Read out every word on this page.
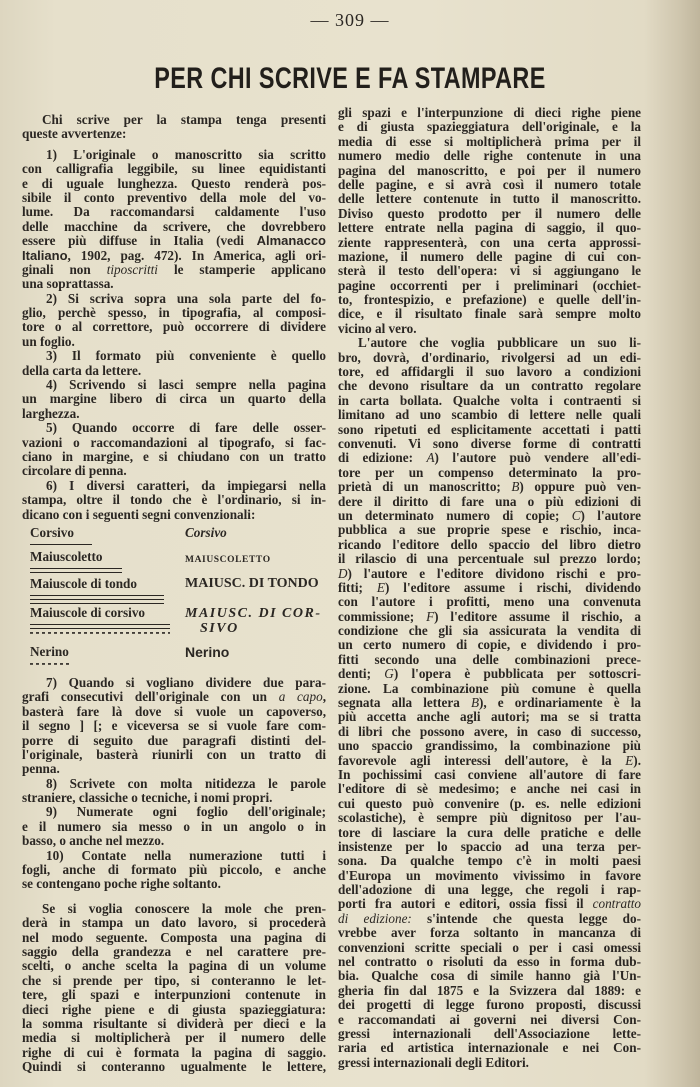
— 309 —
PER CHI SCRIVE E FA STAMPARE
Chi scrive per la stampa tenga presenti
queste avvertenze:
1) L'originale o manoscritto sia scritto
con calligrafia leggibile, su linee equidistanti
e di uguale lunghezza. Questo renderà pos-
sibile il conto preventivo della mole del vo-
lume. Da raccomandarsi caldamente l'uso
delle macchine da scrivere, che dovrebbero
essere più diffuse in Italia (vedi Almanacco
Italiano, 1902, pag. 472). In America, agli ori-
ginali non tiposcritti le stamperie applicano
una soprattassa.
2) Si scriva sopra una sola parte del fo-
glio, perchè spesso, in tipografia, al composi-
tore o al correttore, può occorrere di dividere
un foglio.
3) Il formato più conveniente è quello
della carta da lettere.
4) Scrivendo si lasci sempre nella pagina
un margine libero di circa un quarto della
larghezza.
5) Quando occorre di fare delle osser-
vazioni o raccomandazioni al tipografo, si fac-
ciano in margine, e si chiudano con un tratto
circolare di penna.
6) I diversi caratteri, da impiegarsi nella
stampa, oltre il tondo che è l'ordinario, si in-
dicano con i seguenti segni convenzionali:
Corsivo	Corsivo
Maiuscoletto	MAIUSCOLETTO
Maiuscole di tondo	MAIUSC. DI TONDO
Maiuscole di corsivo	MAIUSC. DI COR-
SIVO
Nerino	Nerino
7) Quando si vogliano dividere due para-
grafi consecutivi dell'originale con un a capo,
basterà fare là dove si vuole un capoverso,
il segno ] [; e viceversa se si vuole fare com-
porre di seguito due paragrafi distinti del-
l'originale, basterà riunirli con un tratto di
penna.
8) Scrivete con molta nitidezza le parole
straniere, classiche o tecniche, i nomi propri.
9) Numerate ogni foglio dell'originale;
e il numero sia messo o in un angolo o in
basso, o anche nel mezzo.
10) Contate nella numerazione tutti i
fogli, anche di formato più piccolo, e anche
se contengano poche righe soltanto.
Se si voglia conoscere la mole che pren-
derà in stampa un dato lavoro, si procederà
nel modo seguente. Composta una pagina di
saggio della grandezza e nel carattere pre-
scelti, o anche scelta la pagina di un volume
che si prende per tipo, si conteranno le let-
tere, gli spazi e interpunzioni contenute in
dieci righe piene e di giusta spazieggiatura:
la somma risultante si dividerà per dieci e la
media si moltiplicherà per il numero delle
righe di cui è formata la pagina di saggio.
Quindi si conteranno ugualmente le lettere,
gli spazi e l'interpunzione di dieci righe piene
e di giusta spazieggiatura dell'originale, e la
media di esse si moltiplicherà prima per il
numero medio delle righe contenute in una
pagina del manoscritto, e poi per il numero
delle pagine, e si avrà così il numero totale
delle lettere contenute in tutto il manoscritto.
Diviso questo prodotto per il numero delle
lettere entrate nella pagina di saggio, il quo-
ziente rappresenterà, con una certa approssi-
mazione, il numero delle pagine di cui con-
sterà il testo dell'opera: vi si aggiungano le
pagine occorrenti per i preliminari (occhiet-
to, frontespizio, e prefazione) e quelle dell'in-
dice, e il risultato finale sarà sempre molto
vicino al vero.
L'autore che voglia pubblicare un suo li-
bro, dovrà, d'ordinario, rivolgersi ad un edi-
tore, ed affidargli il suo lavoro a condizioni
che devono risultare da un contratto regolare
in carta bollata. Qualche volta i contraenti si
limitano ad uno scambio di lettere nelle quali
sono ripetuti ed esplicitamente accettati i patti
convenuti. Vi sono diverse forme di contratti
di edizione: A) l'autore può vendere all'edi-
tore per un compenso determinato la pro-
prietà di un manoscritto; B) oppure può ven-
dere il diritto di fare una o più edizioni di
un determinato numero di copie; C) l'autore
pubblica a sue proprie spese e rischio, inca-
ricando l'editore dello spaccio del libro dietro
il rilascio di una percentuale sul prezzo lordo;
D) l'autore e l'editore dividono rischi e pro-
fitti; E) l'editore assume i rischi, dividendo
con l'autore i profitti, meno una convenuta
commissione; F) l'editore assume il rischio, a
condizione che gli sia assicurata la vendita di
un certo numero di copie, e dividendo i pro-
fitti secondo una delle combinazioni prece-
denti; G) l'opera è pubblicata per sottoscri-
zione. La combinazione più comune è quella
segnata alla lettera B), e ordinariamente è la
più accetta anche agli autori; ma se si tratta
di libri che possono avere, in caso di successo,
uno spaccio grandissimo, la combinazione più
favorevole agli interessi dell'autore, è la E).
In pochissimi casi conviene all'autore di fare
l'editore di sè medesimo; e anche nei casi in
cui questo può convenire (p. es. nelle edizioni
scolastiche), è sempre più dignitoso per l'au-
tore di lasciare la cura delle pratiche e delle
insistenze per lo spaccio ad una terza per-
sona. Da qualche tempo c'è in molti paesi
d'Europa un movimento vivissimo in favore
dell'adozione di una legge, che regoli i rap-
porti fra autori e editori, ossia fissi il contratto
di edizione: s'intende che questa legge do-
vrebbe aver forza soltanto in mancanza di
convenzioni scritte speciali o per i casi omessi
nel contratto o risoluti da esso in forma dub-
bia. Qualche cosa di simile hanno già l'Un-
gheria fin dal 1875 e la Svizzera dal 1889: e
dei progetti di legge furono proposti, discussi
e raccomandati ai governi nei diversi Con-
gressi internazionali dell'Associazione lette-
raria ed artistica internazionale e nei Con-
gressi internazionali degli Editori.
